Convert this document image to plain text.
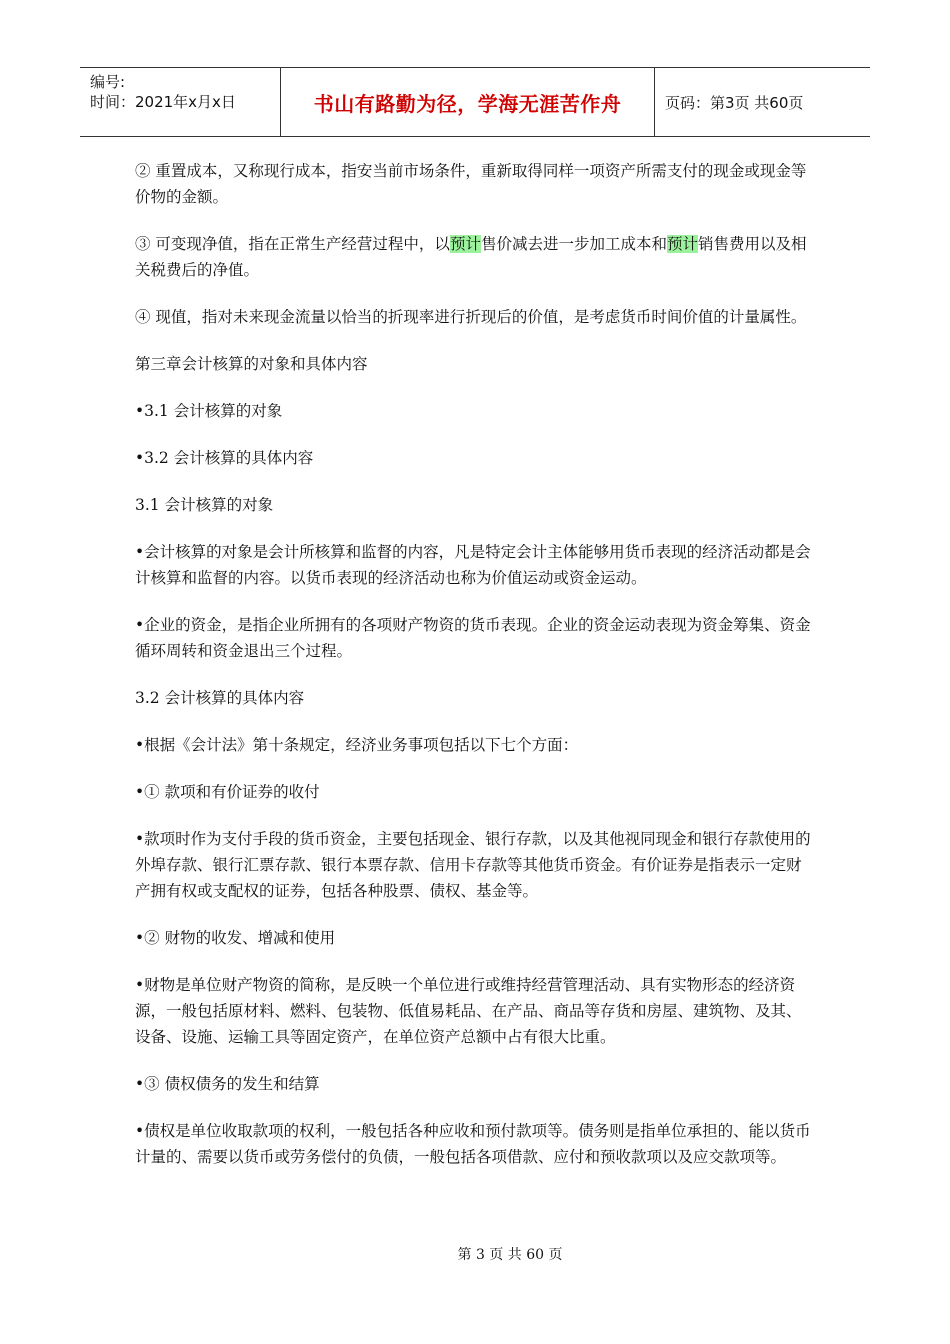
编号:
时间：2021年x月x日	书山有路勤为径，学海无涯苦作舟	页码：第3页 共60页

② 重置成本，又称现行成本，指安当前市场条件，重新取得同样一项资产所需支付的现金或现金等价物的金额。

③ 可变现净值，指在正常生产经营过程中，以预计售价减去进一步加工成本和预计销售费用以及相关税费后的净值。

④ 现值，指对未来现金流量以恰当的折现率进行折现后的价值，是考虑货币时间价值的计量属性。

第三章会计核算的对象和具体内容

•3.1 会计核算的对象

•3.2 会计核算的具体内容

3.1 会计核算的对象

•会计核算的对象是会计所核算和监督的内容，凡是特定会计主体能够用货币表现的经济活动都是会计核算和监督的内容。以货币表现的经济活动也称为价值运动或资金运动。

•企业的资金，是指企业所拥有的各项财产物资的货币表现。企业的资金运动表现为资金筹集、资金循环周转和资金退出三个过程。

3.2 会计核算的具体内容

•根据《会计法》第十条规定，经济业务事项包括以下七个方面：

•① 款项和有价证券的收付

•款项时作为支付手段的货币资金，主要包括现金、银行存款，以及其他视同现金和银行存款使用的外埠存款、银行汇票存款、银行本票存款、信用卡存款等其他货币资金。有价证券是指表示一定财产拥有权或支配权的证券，包括各种股票、债权、基金等。

•② 财物的收发、增减和使用

•财物是单位财产物资的简称，是反映一个单位进行或维持经营管理活动、具有实物形态的经济资源，一般包括原材料、燃料、包装物、低值易耗品、在产品、商品等存货和房屋、建筑物、及其、设备、设施、运输工具等固定资产，在单位资产总额中占有很大比重。

•③ 债权债务的发生和结算

•债权是单位收取款项的权利，一般包括各种应收和预付款项等。债务则是指单位承担的、能以货币计量的、需要以货币或劳务偿付的负债，一般包括各项借款、应付和预收款项以及应交款项等。

第 3 页 共 60 页
